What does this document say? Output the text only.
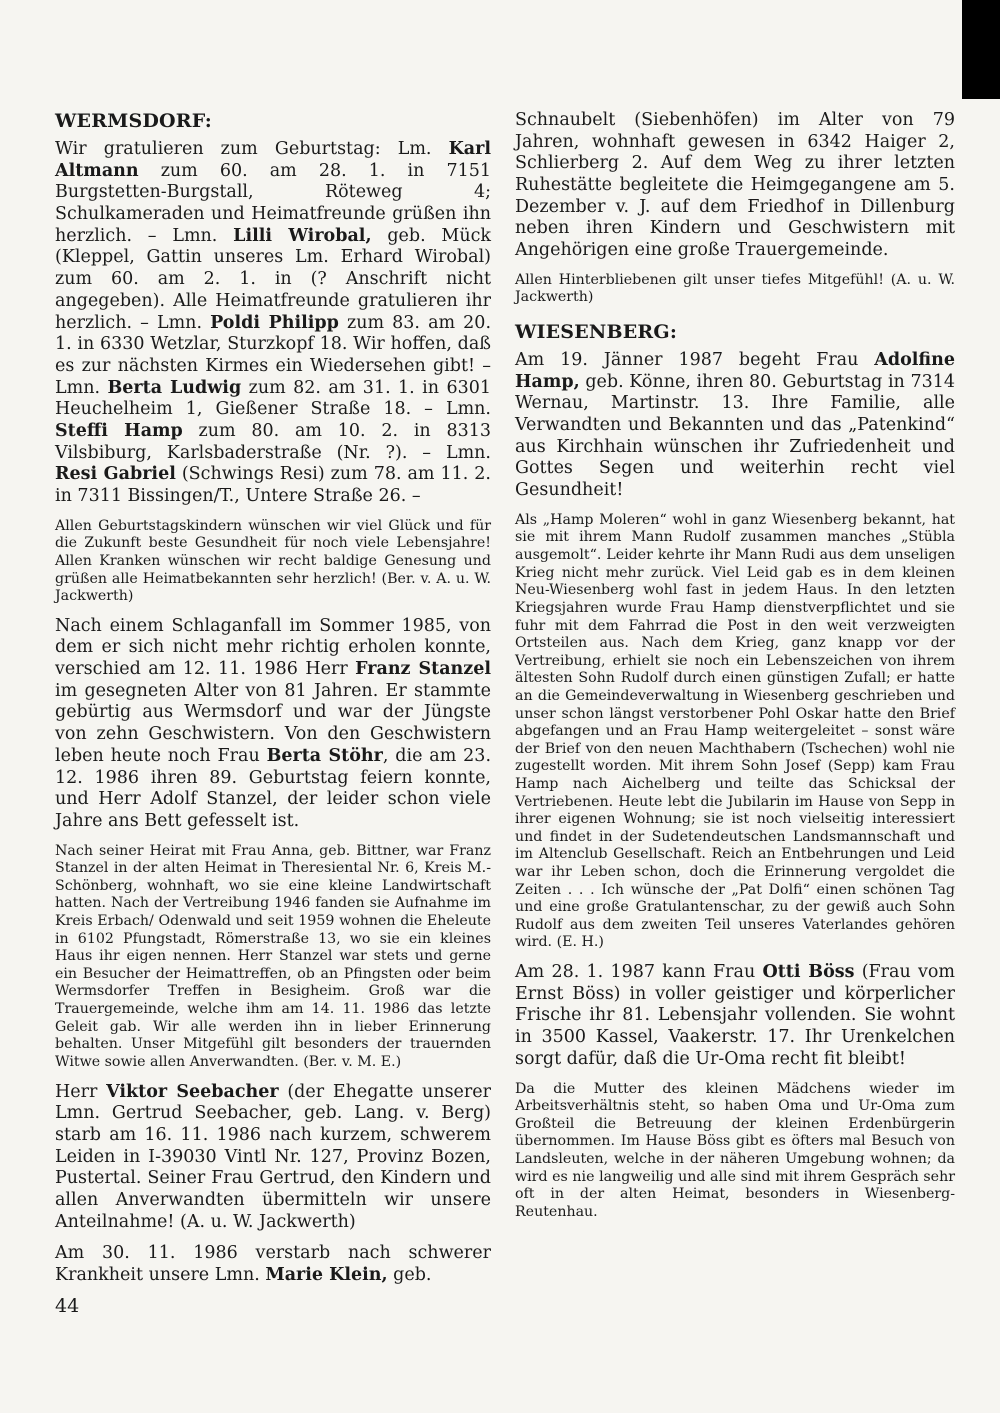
WERMSDORF:

Wir gratulieren zum Geburtstag: Lm. Karl Altmann zum 60. am 28. 1. in 7151 Burgstetten-Burgstall, Röteweg 4; Schulkameraden und Heimatfreunde grüßen ihn herzlich. – Lmn. Lilli Wirobal, geb. Mück (Kleppel, Gattin unseres Lm. Erhard Wirobal) zum 60. am 2. 1. in (? Anschrift nicht angegeben). Alle Heimatfreunde gratulieren ihr herzlich. – Lmn. Poldi Philipp zum 83. am 20. 1. in 6330 Wetzlar, Sturzkopf 18. Wir hoffen, daß es zur nächsten Kirmes ein Wiedersehen gibt! – Lmn. Berta Ludwig zum 82. am 31. 1. in 6301 Heuchelheim 1, Gießener Straße 18. – Lmn. Steffi Hamp zum 80. am 10. 2. in 8313 Vilsbiburg, Karlsbaderstraße (Nr. ?). – Lmn. Resi Gabriel (Schwings Resi) zum 78. am 11. 2. in 7311 Bissingen/T., Untere Straße 26. –

Allen Geburtstagskindern wünschen wir viel Glück und für die Zukunft beste Gesundheit für noch viele Lebensjahre! Allen Kranken wünschen wir recht baldige Genesung und grüßen alle Heimatbekannten sehr herzlich! (Ber. v. A. u. W. Jackwerth)

Nach einem Schlaganfall im Sommer 1985, von dem er sich nicht mehr richtig erholen konnte, verschied am 12. 11. 1986 Herr Franz Stanzel im gesegneten Alter von 81 Jahren. Er stammte gebürtig aus Wermsdorf und war der Jüngste von zehn Geschwistern. Von den Geschwistern leben heute noch Frau Berta Stöhr, die am 23. 12. 1986 ihren 89. Geburtstag feiern konnte, und Herr Adolf Stanzel, der leider schon viele Jahre ans Bett gefesselt ist.

Nach seiner Heirat mit Frau Anna, geb. Bittner, war Franz Stanzel in der alten Heimat in Theresiental Nr. 6, Kreis M.-Schönberg, wohnhaft, wo sie eine kleine Landwirtschaft hatten. Nach der Vertreibung 1946 fanden sie Aufnahme im Kreis Erbach/ Odenwald und seit 1959 wohnen die Eheleute in 6102 Pfungstadt, Römerstraße 13, wo sie ein kleines Haus ihr eigen nennen. Herr Stanzel war stets und gerne ein Besucher der Heimattreffen, ob an Pfingsten oder beim Wermsdorfer Treffen in Besigheim. Groß war die Trauergemeinde, welche ihm am 14. 11. 1986 das letzte Geleit gab. Wir alle werden ihn in lieber Erinnerung behalten. Unser Mitgefühl gilt besonders der trauernden Witwe sowie allen Anverwandten. (Ber. v. M. E.)

Herr Viktor Seebacher (der Ehegatte unserer Lmn. Gertrud Seebacher, geb. Lang. v. Berg) starb am 16. 11. 1986 nach kurzem, schwerem Leiden in I-39030 Vintl Nr. 127, Provinz Bozen, Pustertal. Seiner Frau Gertrud, den Kindern und allen Anverwandten übermitteln wir unsere Anteilnahme! (A. u. W. Jackwerth)

Am 30. 11. 1986 verstarb nach schwerer Krankheit unsere Lmn. Marie Klein, geb.

Schnaubelt (Siebenhöfen) im Alter von 79 Jahren, wohnhaft gewesen in 6342 Haiger 2, Schlierberg 2. Auf dem Weg zu ihrer letzten Ruhestätte begleitete die Heimgegangene am 5. Dezember v. J. auf dem Friedhof in Dillenburg neben ihren Kindern und Geschwistern mit Angehörigen eine große Trauergemeinde.

Allen Hinterbliebenen gilt unser tiefes Mitgefühl! (A. u. W. Jackwerth)

WIESENBERG:

Am 19. Jänner 1987 begeht Frau Adolfine Hamp, geb. Könne, ihren 80. Geburtstag in 7314 Wernau, Martinstr. 13. Ihre Familie, alle Verwandten und Bekannten und das „Patenkind“ aus Kirchhain wünschen ihr Zufriedenheit und Gottes Segen und weiterhin recht viel Gesundheit!

Als „Hamp Moleren“ wohl in ganz Wiesenberg bekannt, hat sie mit ihrem Mann Rudolf zusammen manches „Stübla ausgemolt“. Leider kehrte ihr Mann Rudi aus dem unseligen Krieg nicht mehr zurück. Viel Leid gab es in dem kleinen Neu-Wiesenberg wohl fast in jedem Haus. In den letzten Kriegsjahren wurde Frau Hamp dienstverpflichtet und sie fuhr mit dem Fahrrad die Post in den weit verzweigten Ortsteilen aus. Nach dem Krieg, ganz knapp vor der Vertreibung, erhielt sie noch ein Lebenszeichen von ihrem ältesten Sohn Rudolf durch einen günstigen Zufall; er hatte an die Gemeindeverwaltung in Wiesenberg geschrieben und unser schon längst verstorbener Pohl Oskar hatte den Brief abgefangen und an Frau Hamp weitergeleitet – sonst wäre der Brief von den neuen Machthabern (Tschechen) wohl nie zugestellt worden. Mit ihrem Sohn Josef (Sepp) kam Frau Hamp nach Aichelberg und teilte das Schicksal der Vertriebenen. Heute lebt die Jubilarin im Hause von Sepp in ihrer eigenen Wohnung; sie ist noch vielseitig interessiert und findet in der Sudetendeutschen Landsmannschaft und im Altenclub Gesellschaft. Reich an Entbehrungen und Leid war ihr Leben schon, doch die Erinnerung vergoldet die Zeiten . . . Ich wünsche der „Pat Dolfi“ einen schönen Tag und eine große Gratulantenschar, zu der gewiß auch Sohn Rudolf aus dem zweiten Teil unseres Vaterlandes gehören wird. (E. H.)

Am 28. 1. 1987 kann Frau Otti Böss (Frau vom Ernst Böss) in voller geistiger und körperlicher Frische ihr 81. Lebensjahr vollenden. Sie wohnt in 3500 Kassel, Vaakerstr. 17. Ihr Urenkelchen sorgt dafür, daß die Ur-Oma recht fit bleibt!

Da die Mutter des kleinen Mädchens wieder im Arbeitsverhältnis steht, so haben Oma und Ur-Oma zum Großteil die Betreuung der kleinen Erdenbürgerin übernommen. Im Hause Böss gibt es öfters mal Besuch von Landsleuten, welche in der näheren Umgebung wohnen; da wird es nie langweilig und alle sind mit ihrem Gespräch sehr oft in der alten Heimat, besonders in Wiesenberg-Reutenhau.

44
